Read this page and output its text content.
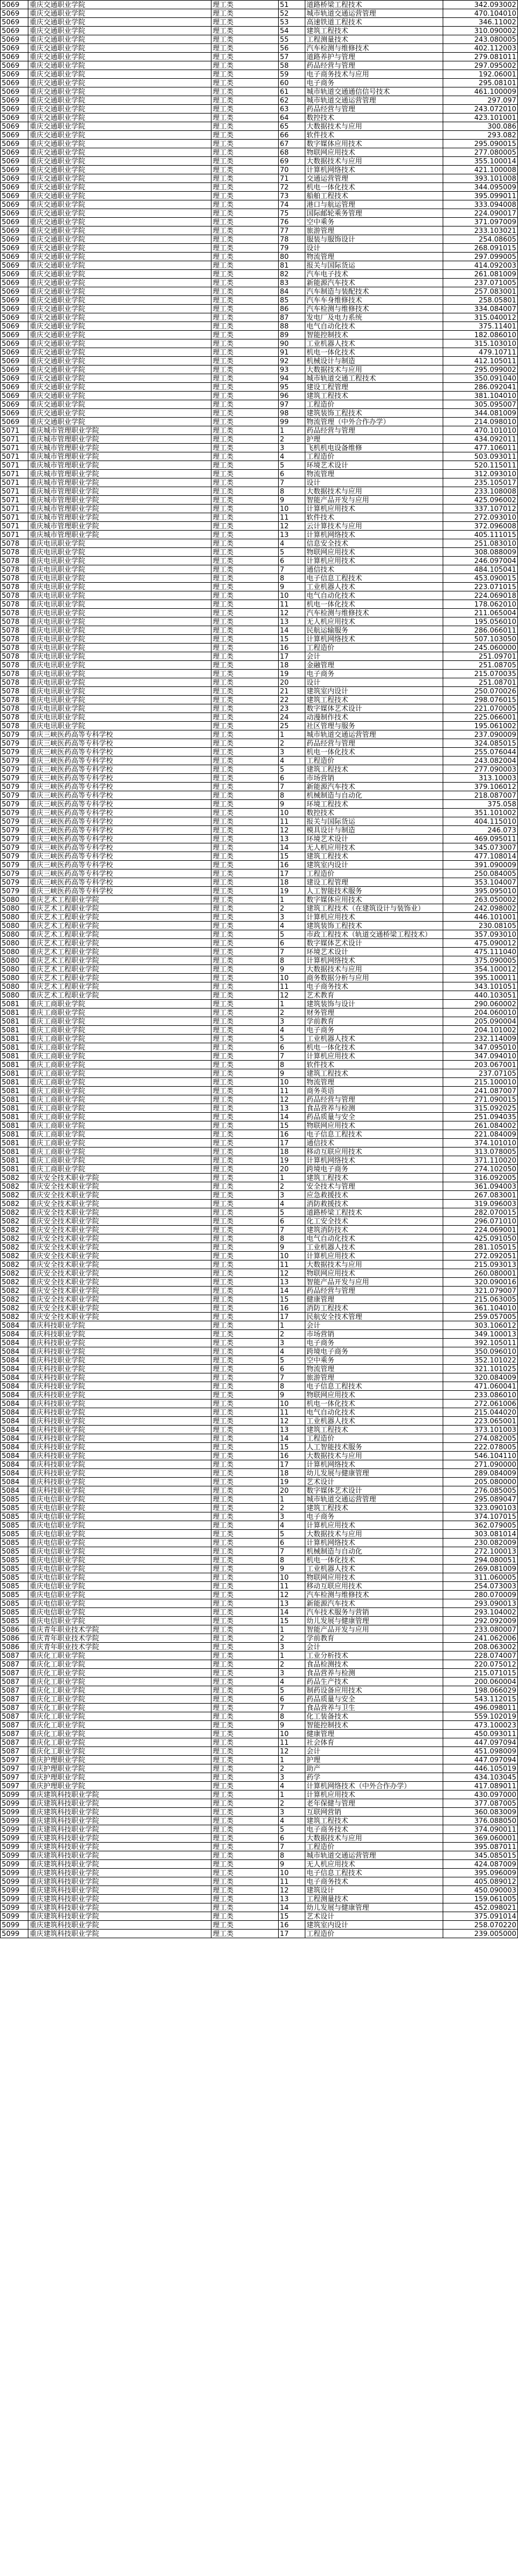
5069	重庆交通职业学院	理工类	51	道路桥梁工程技术	342.093002
5069	重庆交通职业学院	理工类	52	城市轨道交通运营管理	470.104010
5069	重庆交通职业学院	理工类	53	高速铁道工程技术	346.11002
5069	重庆交通职业学院	理工类	54	建筑工程技术	310.090002
5069	重庆交通职业学院	理工类	55	工程测量技术	243.080005
5069	重庆交通职业学院	理工类	56	汽车检测与维修技术	402.112003
5069	重庆交通职业学院	理工类	57	道路养护与管理	279.081011
5069	重庆交通职业学院	理工类	58	药品经营与管理	297.095002
5069	重庆交通职业学院	理工类	59	电子商务技术与应用	192.06001
5069	重庆交通职业学院	理工类	60	电子商务	295.08101
5069	重庆交通职业学院	理工类	61	城市轨道交通通信信号技术	461.100009
5069	重庆交通职业学院	理工类	62	城市轨道交通运营管理	297.097
5069	重庆交通职业学院	理工类	63	药品经营与管理	243.072010
5069	重庆交通职业学院	理工类	64	数控技术	423.101001
5069	重庆交通职业学院	理工类	65	大数据技术与应用	300.086
5069	重庆交通职业学院	理工类	66	软件技术	293.082
5069	重庆交通职业学院	理工类	67	数字媒体应用技术	295.090015
5069	重庆交通职业学院	理工类	68	物联网应用技术	277.080005
5069	重庆交通职业学院	理工类	69	大数据技术与应用	355.100014
5069	重庆交通职业学院	理工类	70	计算机网络技术	421.100008
5069	重庆交通职业学院	理工类	71	交通运营管理	393.101008
5069	重庆交通职业学院	理工类	72	机电一体化技术	344.095009
5069	重庆交通职业学院	理工类	73	船舶工程技术	395.099011
5069	重庆交通职业学院	理工类	74	港口与航运管理	333.094008
5069	重庆交通职业学院	理工类	75	国际邮轮乘务管理	224.090017
5069	重庆交通职业学院	理工类	76	空中乘务	371.097009
5069	重庆交通职业学院	理工类	77	旅游管理	233.103021
5069	重庆交通职业学院	理工类	78	服装与服饰设计	254.08605
5069	重庆交通职业学院	理工类	79	设计	268.091015
5069	重庆交通职业学院	理工类	80	物流管理	297.099005
5069	重庆交通职业学院	理工类	81	报关与国际货运	414.092003
5069	重庆交通职业学院	理工类	82	汽车电子技术	261.081009
5069	重庆交通职业学院	理工类	83	新能源汽车技术	237.071005
5069	重庆交通职业学院	理工类	84	汽车制造与装配技术	257.083001
5069	重庆交通职业学院	理工类	85	汽车车身维修技术	258.05801
5069	重庆交通职业学院	理工类	86	汽车检测与维修技术	334.084007
5069	重庆交通职业学院	理工类	87	发电厂及电力系统	315.040012
5069	重庆交通职业学院	理工类	88	电气自动化技术	375.11401
5069	重庆交通职业学院	理工类	89	智能控制技术	182.086010
5069	重庆交通职业学院	理工类	90	工业机器人技术	315.103010
5069	重庆交通职业学院	理工类	91	机电一体化技术	479.10711
5069	重庆交通职业学院	理工类	92	机械设计与制造	412.105011
5069	重庆交通职业学院	理工类	93	大数据技术与应用	295.099002
5069	重庆交通职业学院	理工类	94	城市轨道交通工程技术	350.091040
5069	重庆交通职业学院	理工类	95	建设工程管理	286.092041
5069	重庆交通职业学院	理工类	96	建筑工程技术	381.104010
5069	重庆交通职业学院	理工类	97	工程造价	305.095007
5069	重庆交通职业学院	理工类	98	建筑装饰工程技术	344.081009
5069	重庆交通职业学院	理工类	99	物流管理（中外合作办学）	214.098010
5071	重庆城市管理职业学院	理工类	1	药品经营与管理	470.101010
5071	重庆城市管理职业学院	理工类	2	护理	434.092011
5071	重庆城市管理职业学院	理工类	3	飞机机电设备维修	477.106011
5071	重庆城市管理职业学院	理工类	4	工程造价	503.093011
5071	重庆城市管理职业学院	理工类	5	环境艺术设计	520.115011
5071	重庆城市管理职业学院	理工类	6	物流管理	312.093010
5071	重庆城市管理职业学院	理工类	7	设计	235.105017
5071	重庆城市管理职业学院	理工类	8	大数据技术与应用	233.108008
5071	重庆城市管理职业学院	理工类	9	智能产品开发与应用	425.096002
5071	重庆城市管理职业学院	理工类	10	计算机应用技术	337.107012
5071	重庆城市管理职业学院	理工类	11	软件技术	272.093010
5071	重庆城市管理职业学院	理工类	12	云计算技术与应用	372.096008
5071	重庆城市管理职业学院	理工类	13	计算机网络技术	405.111015
5078	重庆电讯职业学院	理工类	4	信息安全技术	251.083010
5078	重庆电讯职业学院	理工类	5	物联网应用技术	308.088009
5078	重庆电讯职业学院	理工类	6	计算机应用技术	246.097004
5078	重庆电讯职业学院	理工类	7	通信技术	484.105041
5078	重庆电讯职业学院	理工类	8	电子信息工程技术	453.090015
5078	重庆电讯职业学院	理工类	9	工业机器人技术	223.071015
5078	重庆电讯职业学院	理工类	10	电气自动化技术	224.069018
5078	重庆电讯职业学院	理工类	11	机电一体化技术	178.062010
5078	重庆电讯职业学院	理工类	12	汽车检测与维修技术	211.065004
5078	重庆电讯职业学院	理工类	13	无人机应用技术	195.056010
5078	重庆电讯职业学院	理工类	14	民航运输服务	286.066011
5078	重庆电讯职业学院	理工类	15	计算机网络技术	507.103050
5078	重庆电讯职业学院	理工类	16	工程造价	245.060000
5078	重庆电讯职业学院	理工类	17	会计	251.09701
5078	重庆电讯职业学院	理工类	18	金融管理	251.08705
5078	重庆电讯职业学院	理工类	19	电子商务	215.070035
5078	重庆电讯职业学院	理工类	20	设计	251.08701
5078	重庆电讯职业学院	理工类	21	建筑室内设计	250.070026
5078	重庆电讯职业学院	理工类	22	建筑工程技术	298.076015
5078	重庆电讯职业学院	理工类	23	数字媒体艺术设计	221.070005
5078	重庆电讯职业学院	理工类	24	动漫制作技术	225.066001
5078	重庆电讯职业学院	理工类	25	社区管理与服务	195.061002
5079	重庆三峡医药高等专科学校	理工类	1	城市轨道交通运营管理	237.090009
5079	重庆三峡医药高等专科学校	理工类	2	药品经营与管理	324.085015
5079	重庆三峡医药高等专科学校	理工类	3	机电一体化技术	255.076044
5079	重庆三峡医药高等专科学校	理工类	4	工程造价	243.082004
5079	重庆三峡医药高等专科学校	理工类	5	建筑工程技术	277.090003
5079	重庆三峡医药高等专科学校	理工类	6	市场营销	313.10003
5079	重庆三峡医药高等专科学校	理工类	7	新能源汽车技术	379.106012
5079	重庆三峡医药高等专科学校	理工类	8	机械制造与自动化	218.087007
5079	重庆三峡医药高等专科学校	理工类	9	环境工程技术	375.058
5079	重庆三峡医药高等专科学校	理工类	10	数控技术	351.101002
5079	重庆三峡医药高等专科学校	理工类	11	报关与国际货运	404.115010
5079	重庆三峡医药高等专科学校	理工类	12	模具设计与制造	246.073
5079	重庆三峡医药高等专科学校	理工类	13	环境艺术设计	469.095011
5079	重庆三峡医药高等专科学校	理工类	14	无人机应用技术	345.073007
5079	重庆三峡医药高等专科学校	理工类	15	建筑工程技术	477.108014
5079	重庆三峡医药高等专科学校	理工类	16	建筑室内设计	391.090009
5079	重庆三峡医药高等专科学校	理工类	17	工程造价	250.084005
5079	重庆三峡医药高等专科学校	理工类	18	建设工程管理	353.104007
5079	重庆三峡医药高等专科学校	理工类	19	人工智能技术服务	395.095010
5080	重庆艺术工程职业学院	理工类	1	数字媒体应用技术	263.050002
5080	重庆艺术工程职业学院	理工类	2	建筑工程技术（在建筑设计与装饰业）	242.098002
5080	重庆艺术工程职业学院	理工类	3	计算机应用技术	446.101001
5080	重庆艺术工程职业学院	理工类	4	建筑装饰工程技术	230.08105
5080	重庆艺术工程职业学院	理工类	5	市政工程技术（轨道交通桥梁工程技术）	357.093010
5080	重庆艺术工程职业学院	理工类	6	数字媒体艺术设计	475.090012
5080	重庆艺术工程职业学院	理工类	7	环境艺术设计	475.111040
5080	重庆艺术工程职业学院	理工类	8	计算机网络技术	375.090005
5080	重庆艺术工程职业学院	理工类	9	大数据技术与应用	354.100012
5080	重庆艺术工程职业学院	理工类	10	商务数据分析与应用	395.100011
5080	重庆艺术工程职业学院	理工类	11	电子商务技术	343.101051
5080	重庆艺术工程职业学院	理工类	12	艺术教育	440.103051
5081	重庆工商职业学院	理工类	1	建筑装饰与设计	290.060002
5081	重庆工商职业学院	理工类	2	财务管理	204.060010
5081	重庆工商职业学院	理工类	3	学前教育	205.090004
5081	重庆工商职业学院	理工类	4	电子商务	204.101002
5081	重庆工商职业学院	理工类	5	工业机器人技术	232.114009
5081	重庆工商职业学院	理工类	6	机电一体化技术	347.095010
5081	重庆工商职业学院	理工类	7	计算机应用技术	347.094010
5081	重庆工商职业学院	理工类	8	软件技术	203.067001
5081	重庆工商职业学院	理工类	9	建筑工程技术	237.07105
5081	重庆工商职业学院	理工类	10	物流管理	215.100010
5081	重庆工商职业学院	理工类	11	商务英语	241.087007
5081	重庆工商职业学院	理工类	12	药品经营与管理	271.090015
5081	重庆工商职业学院	理工类	13	食品营养与检测	315.092025
5081	重庆工商职业学院	理工类	14	药品质量与安全	251.094035
5081	重庆工商职业学院	理工类	15	物联网应用技术	261.084002
5081	重庆工商职业学院	理工类	16	电子信息工程技术	221.084009
5081	重庆工商职业学院	理工类	17	通信技术	374.101010
5081	重庆工商职业学院	理工类	18	移动互联应用技术	313.078005
5081	重庆工商职业学院	理工类	19	计算机网络技术	371.110020
5081	重庆工商职业学院	理工类	20	跨境电子商务	274.102050
5082	重庆安全技术职业学院	理工类	1	建筑工程技术	316.092005
5082	重庆安全技术职业学院	理工类	2	安全技术与管理	361.094003
5082	重庆安全技术职业学院	理工类	3	应急救援技术	267.083001
5082	重庆安全技术职业学院	理工类	4	消防救援技术	319.096003
5082	重庆安全技术职业学院	理工类	5	道路桥梁工程技术	282.070015
5082	重庆安全技术职业学院	理工类	6	化工安全技术	296.071010
5082	重庆安全技术职业学院	理工类	7	建筑消防技术	224.069001
5082	重庆安全技术职业学院	理工类	8	电气自动化技术	425.091050
5082	重庆安全技术职业学院	理工类	9	工业机器人技术	281.105015
5082	重庆安全技术职业学院	理工类	10	计算机应用技术	272.092051
5082	重庆安全技术职业学院	理工类	11	大数据技术与应用	215.093013
5082	重庆安全技术职业学院	理工类	12	物联网应用技术	260.080001
5082	重庆安全技术职业学院	理工类	13	智能产品开发与应用	320.090016
5082	重庆安全技术职业学院	理工类	14	药品经营与管理	321.079007
5082	重庆安全技术职业学院	理工类	15	健康管理	215.063005
5082	重庆安全技术职业学院	理工类	16	消防工程技术	361.104010
5082	重庆安全技术职业学院	理工类	17	民航安全技术管理	259.057005
5084	重庆科技职业学院	理工类	1	会计	303.106012
5084	重庆科技职业学院	理工类	2	市场营销	349.100013
5084	重庆科技职业学院	理工类	3	电子商务	392.105011
5084	重庆科技职业学院	理工类	4	跨境电子商务	350.096010
5084	重庆科技职业学院	理工类	5	空中乘务	352.101022
5084	重庆科技职业学院	理工类	6	物流管理	321.101025
5084	重庆科技职业学院	理工类	7	旅游管理	320.084009
5084	重庆科技职业学院	理工类	8	电子信息工程技术	471.060041
5084	重庆科技职业学院	理工类	9	物联网应用技术	233.086010
5084	重庆科技职业学院	理工类	10	机电一体化技术	272.061006
5084	重庆科技职业学院	理工类	11	电气自动化技术	215.044020
5084	重庆科技职业学院	理工类	12	工业机器人技术	223.065001
5084	重庆科技职业学院	理工类	13	建筑工程技术	373.101003
5084	重庆科技职业学院	理工类	14	工程造价	274.082005
5084	重庆科技职业学院	理工类	15	人工智能技术服务	222.078005
5084	重庆科技职业学院	理工类	16	大数据技术与应用	546.104110
5084	重庆科技职业学院	理工类	17	计算机网络技术	271.090000
5084	重庆科技职业学院	理工类	18	幼儿发展与健康管理	289.084009
5084	重庆科技职业学院	理工类	19	艺术设计	205.080000
5084	重庆科技职业学院	理工类	20	数字媒体艺术设计	276.085005
5085	重庆电信职业学院	理工类	1	城市轨道交通运营管理	295.089047
5085	重庆电信职业学院	理工类	2	建筑工程技术	323.090103
5085	重庆电信职业学院	理工类	3	电子商务	374.107015
5085	重庆电信职业学院	理工类	4	计算机应用技术	362.079005
5085	重庆电信职业学院	理工类	5	大数据技术与应用	303.081014
5085	重庆电信职业学院	理工类	6	计算机网络技术	230.082009
5085	重庆电信职业学院	理工类	7	机械制造与自动化	272.100013
5085	重庆电信职业学院	理工类	8	机电一体化技术	294.080051
5085	重庆电信职业学院	理工类	9	工业机器人技术	269.081009
5085	重庆电信职业学院	理工类	10	物联网应用技术	311.060005
5085	重庆电信职业学院	理工类	11	移动互联应用技术	254.073003
5085	重庆电信职业学院	理工类	12	汽车检测与维修技术	280.070009
5085	重庆电信职业学院	理工类	13	新能源汽车技术	293.090013
5085	重庆电信职业学院	理工类	14	汽车技术服务与营销	293.104002
5085	重庆电信职业学院	理工类	15	幼儿发展与健康管理	292.092009
5086	重庆青年职业技术学院	理工类	1	智能产品开发与应用	233.080007
5086	重庆青年职业技术学院	理工类	2	学前教育	241.062006
5086	重庆青年职业技术学院	理工类	3	会计	208.063002
5087	重庆化工职业学院	理工类	1	工业分析技术	228.074007
5087	重庆化工职业学院	理工类	2	食品检测技术	220.075012
5087	重庆化工职业学院	理工类	3	食品营养与检测	215.071015
5087	重庆化工职业学院	理工类	4	药品生产技术	200.060004
5087	重庆化工职业学院	理工类	5	制药设备应用技术	198.066029
5087	重庆化工职业学院	理工类	6	药品质量与安全	543.112015
5087	重庆化工职业学院	理工类	7	食品营养与卫生	496.098011
5087	重庆化工职业学院	理工类	8	化工装备技术	559.102019
5087	重庆化工职业学院	理工类	9	智能控制技术	473.100023
5087	重庆化工职业学院	理工类	10	健康管理	450.093011
5087	重庆化工职业学院	理工类	11	社会体育	447.097094
5087	重庆化工职业学院	理工类	12	会计	451.098009
5097	重庆护理职业学院	理工类	1	护理	447.097094
5097	重庆护理职业学院	理工类	2	助产	446.105019
5097	重庆护理职业学院	理工类	3	药学	434.103045
5097	重庆护理职业学院	理工类	4	计算机网络技术（中外合作办学）	417.089011
5099	重庆建筑科技职业学院	理工类	1	计算机应用技术	430.097000
5099	重庆建筑科技职业学院	理工类	2	老年保健与管理	377.087005
5099	重庆建筑科技职业学院	理工类	3	互联网营销	360.083009
5099	重庆建筑科技职业学院	理工类	4	建筑工程技术	376.088050
5099	重庆建筑科技职业学院	理工类	5	电子商务技术	374.090011
5099	重庆建筑科技职业学院	理工类	6	大数据技术与应用	369.060001
5099	重庆建筑科技职业学院	理工类	7	工程造价	395.087011
5099	重庆建筑科技职业学院	理工类	8	城市轨道交通运营管理	345.085015
5099	重庆建筑科技职业学院	理工类	9	无人机应用技术	424.087009
5099	重庆建筑科技职业学院	理工类	10	电子信息工程技术	395.096009
5099	重庆建筑科技职业学院	理工类	11	电子商务技术	405.089012
5099	重庆建筑科技职业学院	理工类	12	建筑设计	450.090003
5099	重庆建筑科技职业学院	理工类	13	工程测量技术	159.061005
5099	重庆建筑科技职业学院	理工类	14	幼儿发展与健康管理	452.098021
5099	重庆建筑科技职业学院	理工类	15	艺术设计	375.091014
5099	重庆建筑科技职业学院	理工类	16	建筑室内设计	258.070220
5099	重庆建筑科技职业学院	理工类	17	工程造价	239.005000
